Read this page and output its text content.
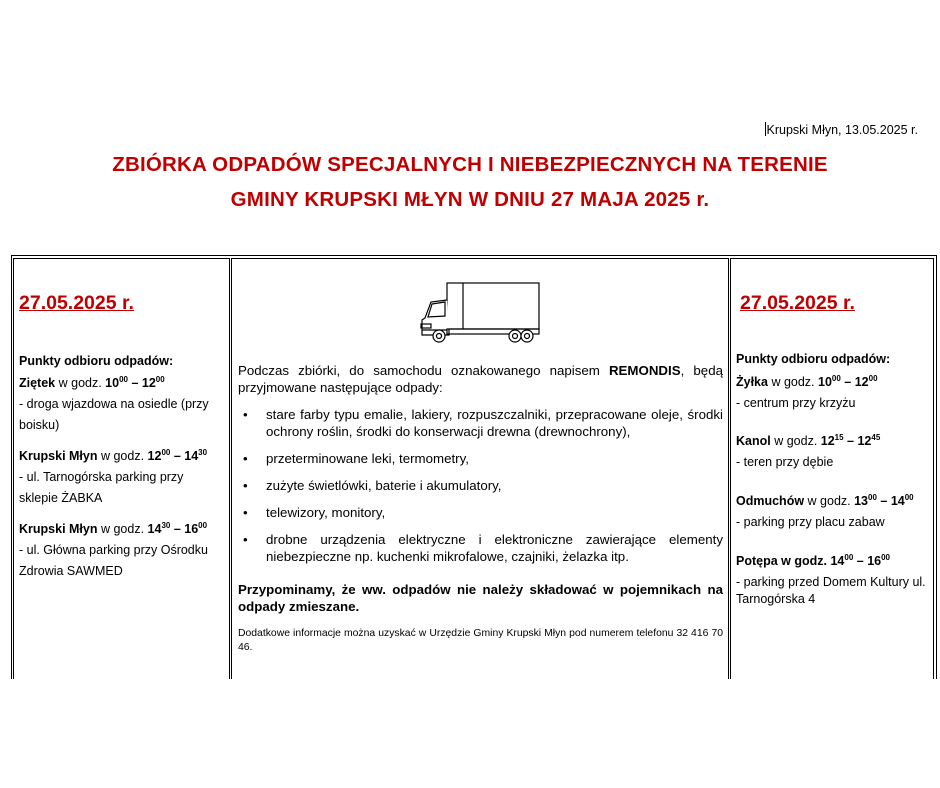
Krupski Młyn, 13.05.2025 r.
ZBIÓRKA ODPADÓW SPECJALNYCH I NIEBEZPIECZNYCH NA TERENIE
GMINY KRUPSKI MŁYN W DNIU 27 MAJA 2025 r.
27.05.2025 r.
Punkty odbioru odpadów:
Ziętek w godz. $10^{00} - 12^{00}$
- droga wjazdowa na osiedle (przy boisku)
Krupski Młyn w godz. $12^{00} - 14^{30}$
- ul. Tarnogórska parking przy sklepie ŻABKA
Krupski Młyn w godz. $14^{30} - 16^{00}$
- ul. Główna parking przy Ośrodku Zdrowia SAWMED
Podczas zbiórki, do samochodu oznakowanego napisem REMONDIS, będą przyjmowane następujące odpady:
• stare farby typu emalie, lakiery, rozpuszczalniki, przepracowane oleje, środki ochrony roślin, środki do konserwacji drewna (drewnochrony),
• przeterminowane leki, termometry,
• zużyte świetlówki, baterie i akumulatory,
• telewizory, monitory,
• drobne urządzenia elektryczne i elektroniczne zawierające elementy niebezpieczne np. kuchenki mikrofalowe, czajniki, żelazka itp.
Przypominamy, że ww. odpadów nie należy składować w pojemnikach na odpady zmieszane.
Dodatkowe informacje można uzyskać w Urzędzie Gminy Krupski Młyn pod numerem telefonu 32 416 70 46.
27.05.2025 r.
Punkty odbioru odpadów:
Żyłka w godz. $10^{00} - 12^{00}$
- centrum przy krzyżu
Kanol w godz. $12^{15} - 12^{45}$
- teren przy dębie
Odmuchów w godz. $13^{00} - 14^{00}$
- parking przy placu zabaw
Potępa w godz. $14^{00} - 16^{00}$
- parking przed Domem Kultury ul. Tarnogórska 4
